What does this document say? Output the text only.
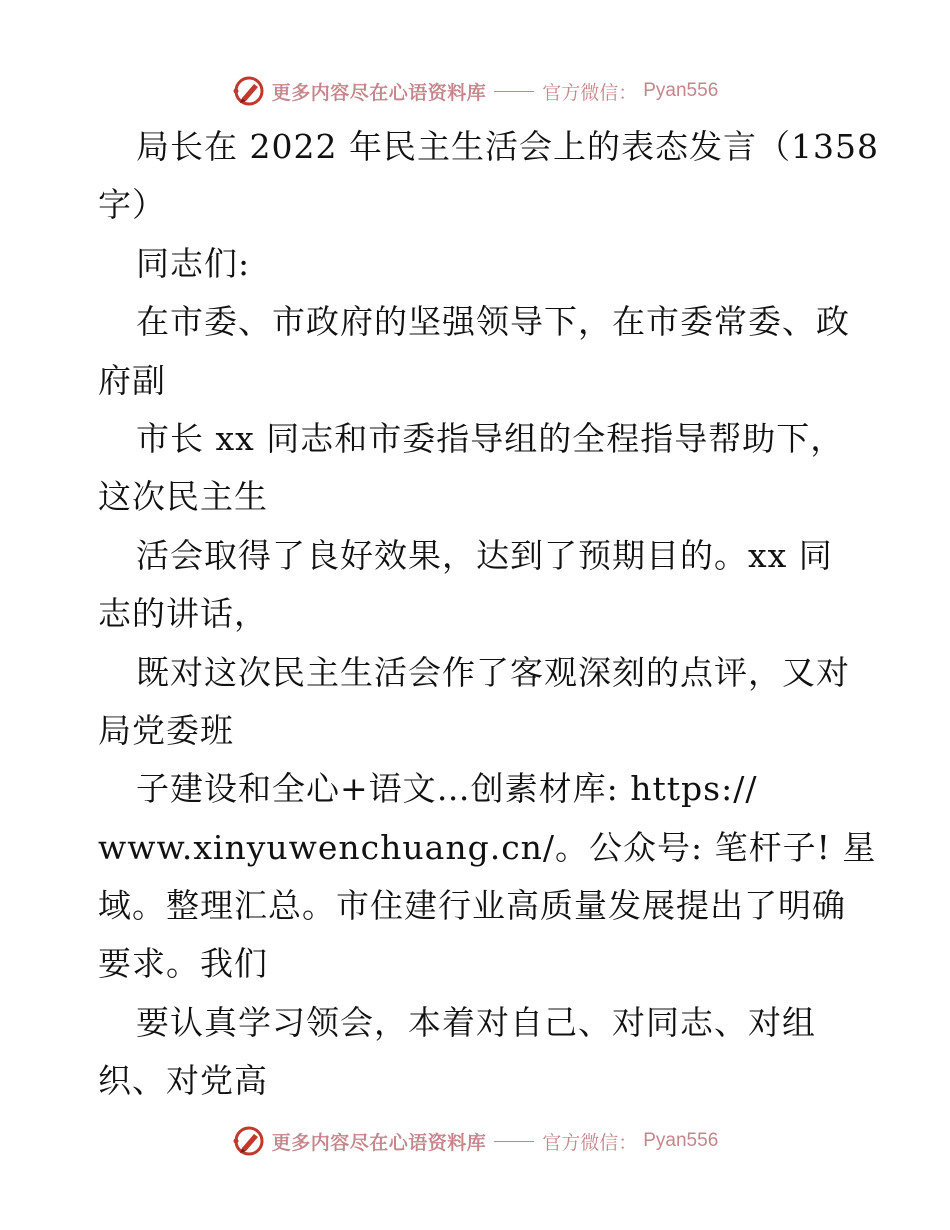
更多内容尽在心语资料库	官方微信： Pyan556
局长在 2022 年民主生活会上的表态发言（1358
字）
同志们:
在市委、市政府的坚强领导下，在市委常委、政
府副
市长 xx 同志和市委指导组的全程指导帮助下，
这次民主生
活会取得了良好效果，达到了预期目的。xx 同
志的讲话，
既对这次民主生活会作了客观深刻的点评，又对
局党委班
子建设和全心+语文…创素材库: https://
www.xinyuwenchuang.cn/。公众号: 笔杆子! 星
域。整理汇总。市住建行业高质量发展提出了明确
要求。我们
要认真学习领会，本着对自己、对同志、对组
织、对党高
更多内容尽在心语资料库	官方微信： Pyan556
